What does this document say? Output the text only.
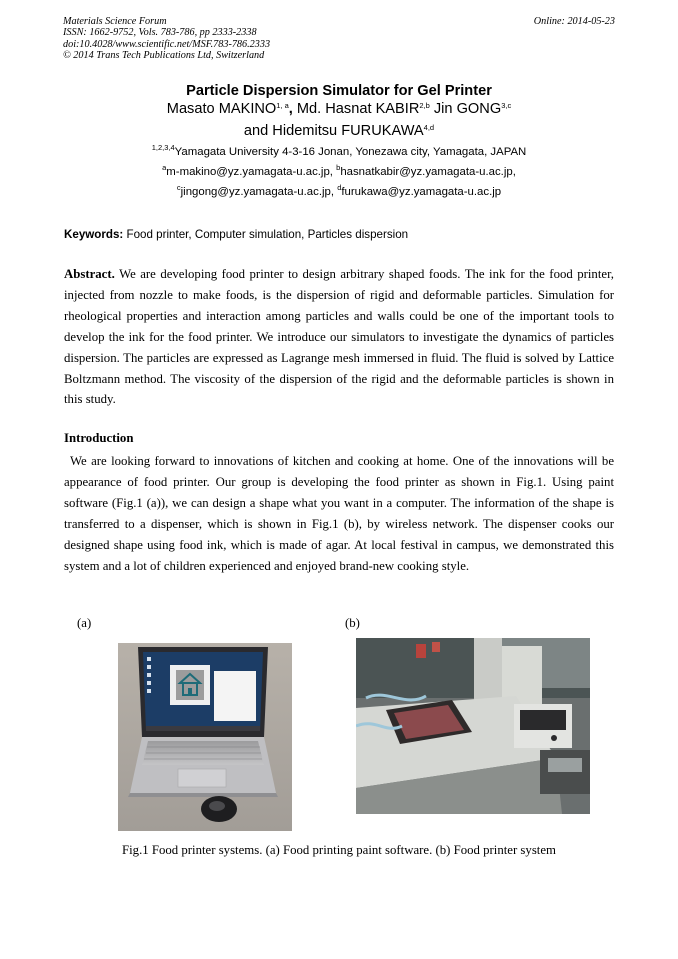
Materials Science Forum
ISSN: 1662-9752, Vols. 783-786, pp 2333-2338
doi:10.4028/www.scientific.net/MSF.783-786.2333
© 2014 Trans Tech Publications Ltd, Switzerland
Online: 2014-05-23
Particle Dispersion Simulator for Gel Printer
Masato MAKINO$^{1, a}$, Md. Hasnat KABIR$^{2,b}$ Jin GONG$^{3,c}$
and Hidemitsu FURUKAWA$^{4,d}$
$^{1,2,3,4}$Yamagata University 4-3-16 Jonan, Yonezawa city, Yamagata, JAPAN
$^a$m-makino@yz.yamagata-u.ac.jp, $^b$hasnatkabir@yz.yamagata-u.ac.jp,
$^c$jingong@yz.yamagata-u.ac.jp, $^d$furukawa@yz.yamagata-u.ac.jp
Keywords: Food printer, Computer simulation, Particles dispersion
Abstract. We are developing food printer to design arbitrary shaped foods. The ink for the food printer, injected from nozzle to make foods, is the dispersion of rigid and deformable particles. Simulation for rheological properties and interaction among particles and walls could be one of the important tools to develop the ink for the food printer. We introduce our simulators to investigate the dynamics of particles dispersion. The particles are expressed as Lagrange mesh immersed in fluid. The fluid is solved by Lattice Boltzmann method. The viscosity of the dispersion of the rigid and the deformable particles is shown in this study.
Introduction
We are looking forward to innovations of kitchen and cooking at home. One of the innovations will be appearance of food printer. Our group is developing the food printer as shown in Fig.1. Using paint software (Fig.1 (a)), we can design a shape what you want in a computer. The information of the shape is transferred to a dispenser, which is shown in Fig.1 (b), by wireless network. The dispenser cooks our designed shape using food ink, which is made of agar. At local festival in campus, we demonstrated this system and a lot of children experienced and enjoyed brand-new cooking style.
(a)	(b)
Fig.1 Food printer systems. (a) Food printing paint software. (b) Food printer system
